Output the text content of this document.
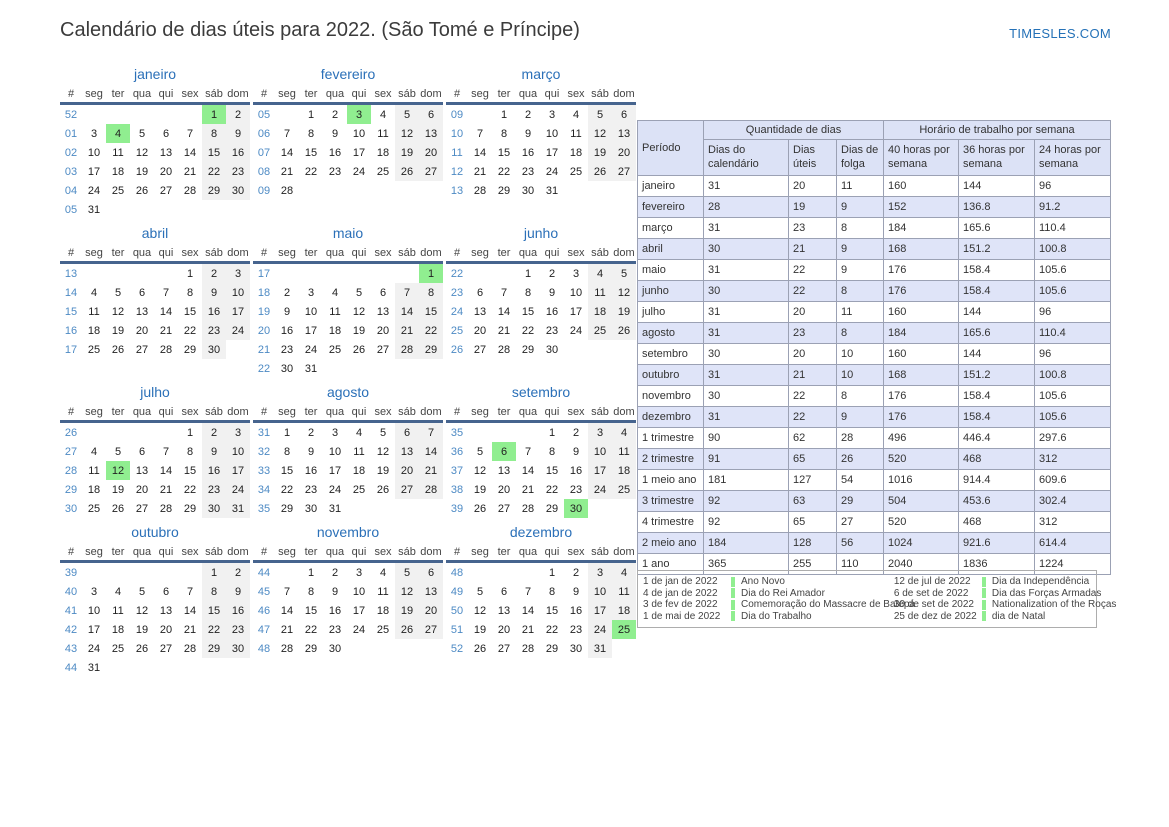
Calendário de dias úteis para 2022. (São Tomé e Príncipe)	TIMESLES.COM
janeiro
#	seg	ter	qua	qui	sex	sáb	dom
52						1	2
01	3	4	5	6	7	8	9
02	10	11	12	13	14	15	16
03	17	18	19	20	21	22	23
04	24	25	26	27	28	29	30
05	31						
fevereiro
#	seg	ter	qua	qui	sex	sáb	dom
05		1	2	3	4	5	6
06	7	8	9	10	11	12	13
07	14	15	16	17	18	19	20
08	21	22	23	24	25	26	27
09	28						
março
#	seg	ter	qua	qui	sex	sáb	dom
09		1	2	3	4	5	6
10	7	8	9	10	11	12	13
11	14	15	16	17	18	19	20
12	21	22	23	24	25	26	27
13	28	29	30	31			
abril
#	seg	ter	qua	qui	sex	sáb	dom
13					1	2	3
14	4	5	6	7	8	9	10
15	11	12	13	14	15	16	17
16	18	19	20	21	22	23	24
17	25	26	27	28	29	30	
maio
#	seg	ter	qua	qui	sex	sáb	dom
17							1
18	2	3	4	5	6	7	8
19	9	10	11	12	13	14	15
20	16	17	18	19	20	21	22
21	23	24	25	26	27	28	29
22	30	31					
junho
#	seg	ter	qua	qui	sex	sáb	dom
22			1	2	3	4	5
23	6	7	8	9	10	11	12
24	13	14	15	16	17	18	19
25	20	21	22	23	24	25	26
26	27	28	29	30			
julho
#	seg	ter	qua	qui	sex	sáb	dom
26					1	2	3
27	4	5	6	7	8	9	10
28	11	12	13	14	15	16	17
29	18	19	20	21	22	23	24
30	25	26	27	28	29	30	31
agosto
#	seg	ter	qua	qui	sex	sáb	dom
31	1	2	3	4	5	6	7
32	8	9	10	11	12	13	14
33	15	16	17	18	19	20	21
34	22	23	24	25	26	27	28
35	29	30	31				
setembro
#	seg	ter	qua	qui	sex	sáb	dom
35				1	2	3	4
36	5	6	7	8	9	10	11
37	12	13	14	15	16	17	18
38	19	20	21	22	23	24	25
39	26	27	28	29	30		
outubro
#	seg	ter	qua	qui	sex	sáb	dom
39						1	2
40	3	4	5	6	7	8	9
41	10	11	12	13	14	15	16
42	17	18	19	20	21	22	23
43	24	25	26	27	28	29	30
44	31						
novembro
#	seg	ter	qua	qui	sex	sáb	dom
44		1	2	3	4	5	6
45	7	8	9	10	11	12	13
46	14	15	16	17	18	19	20
47	21	22	23	24	25	26	27
48	28	29	30				
dezembro
#	seg	ter	qua	qui	sex	sáb	dom
48				1	2	3	4
49	5	6	7	8	9	10	11
50	12	13	14	15	16	17	18
51	19	20	21	22	23	24	25
52	26	27	28	29	30	31	
Período	Quantidade de dias			Horário de trabalho por semana		
	Dias do calendário	Dias úteis	Dias de folga	40 horas por semana	36 horas por semana	24 horas por semana
janeiro	31	20	11	160	144	96
fevereiro	28	19	9	152	136.8	91.2
março	31	23	8	184	165.6	110.4
abril	30	21	9	168	151.2	100.8
maio	31	22	9	176	158.4	105.6
junho	30	22	8	176	158.4	105.6
julho	31	20	11	160	144	96
agosto	31	23	8	184	165.6	110.4
setembro	30	20	10	160	144	96
outubro	31	21	10	168	151.2	100.8
novembro	30	22	8	176	158.4	105.6
dezembro	31	22	9	176	158.4	105.6
1 trimestre	90	62	28	496	446.4	297.6
2 trimestre	91	65	26	520	468	312
1 meio ano	181	127	54	1016	914.4	609.6
3 trimestre	92	63	29	504	453.6	302.4
4 trimestre	92	65	27	520	468	312
2 meio ano	184	128	56	1024	921.6	614.4
1 ano	365	255	110	2040	1836	1224
1 de jan de 2022	Ano Novo
4 de jan de 2022	Dia do Rei Amador
3 de fev de 2022	Comemoração do Massacre de Batepá
1 de mai de 2022	Dia do Trabalho
12 de jul de 2022	Dia da Independência
6 de set de 2022	Dia das Forças Armadas
30 de set de 2022	Nationalization of the Roças
25 de dez de 2022	dia de Natal
